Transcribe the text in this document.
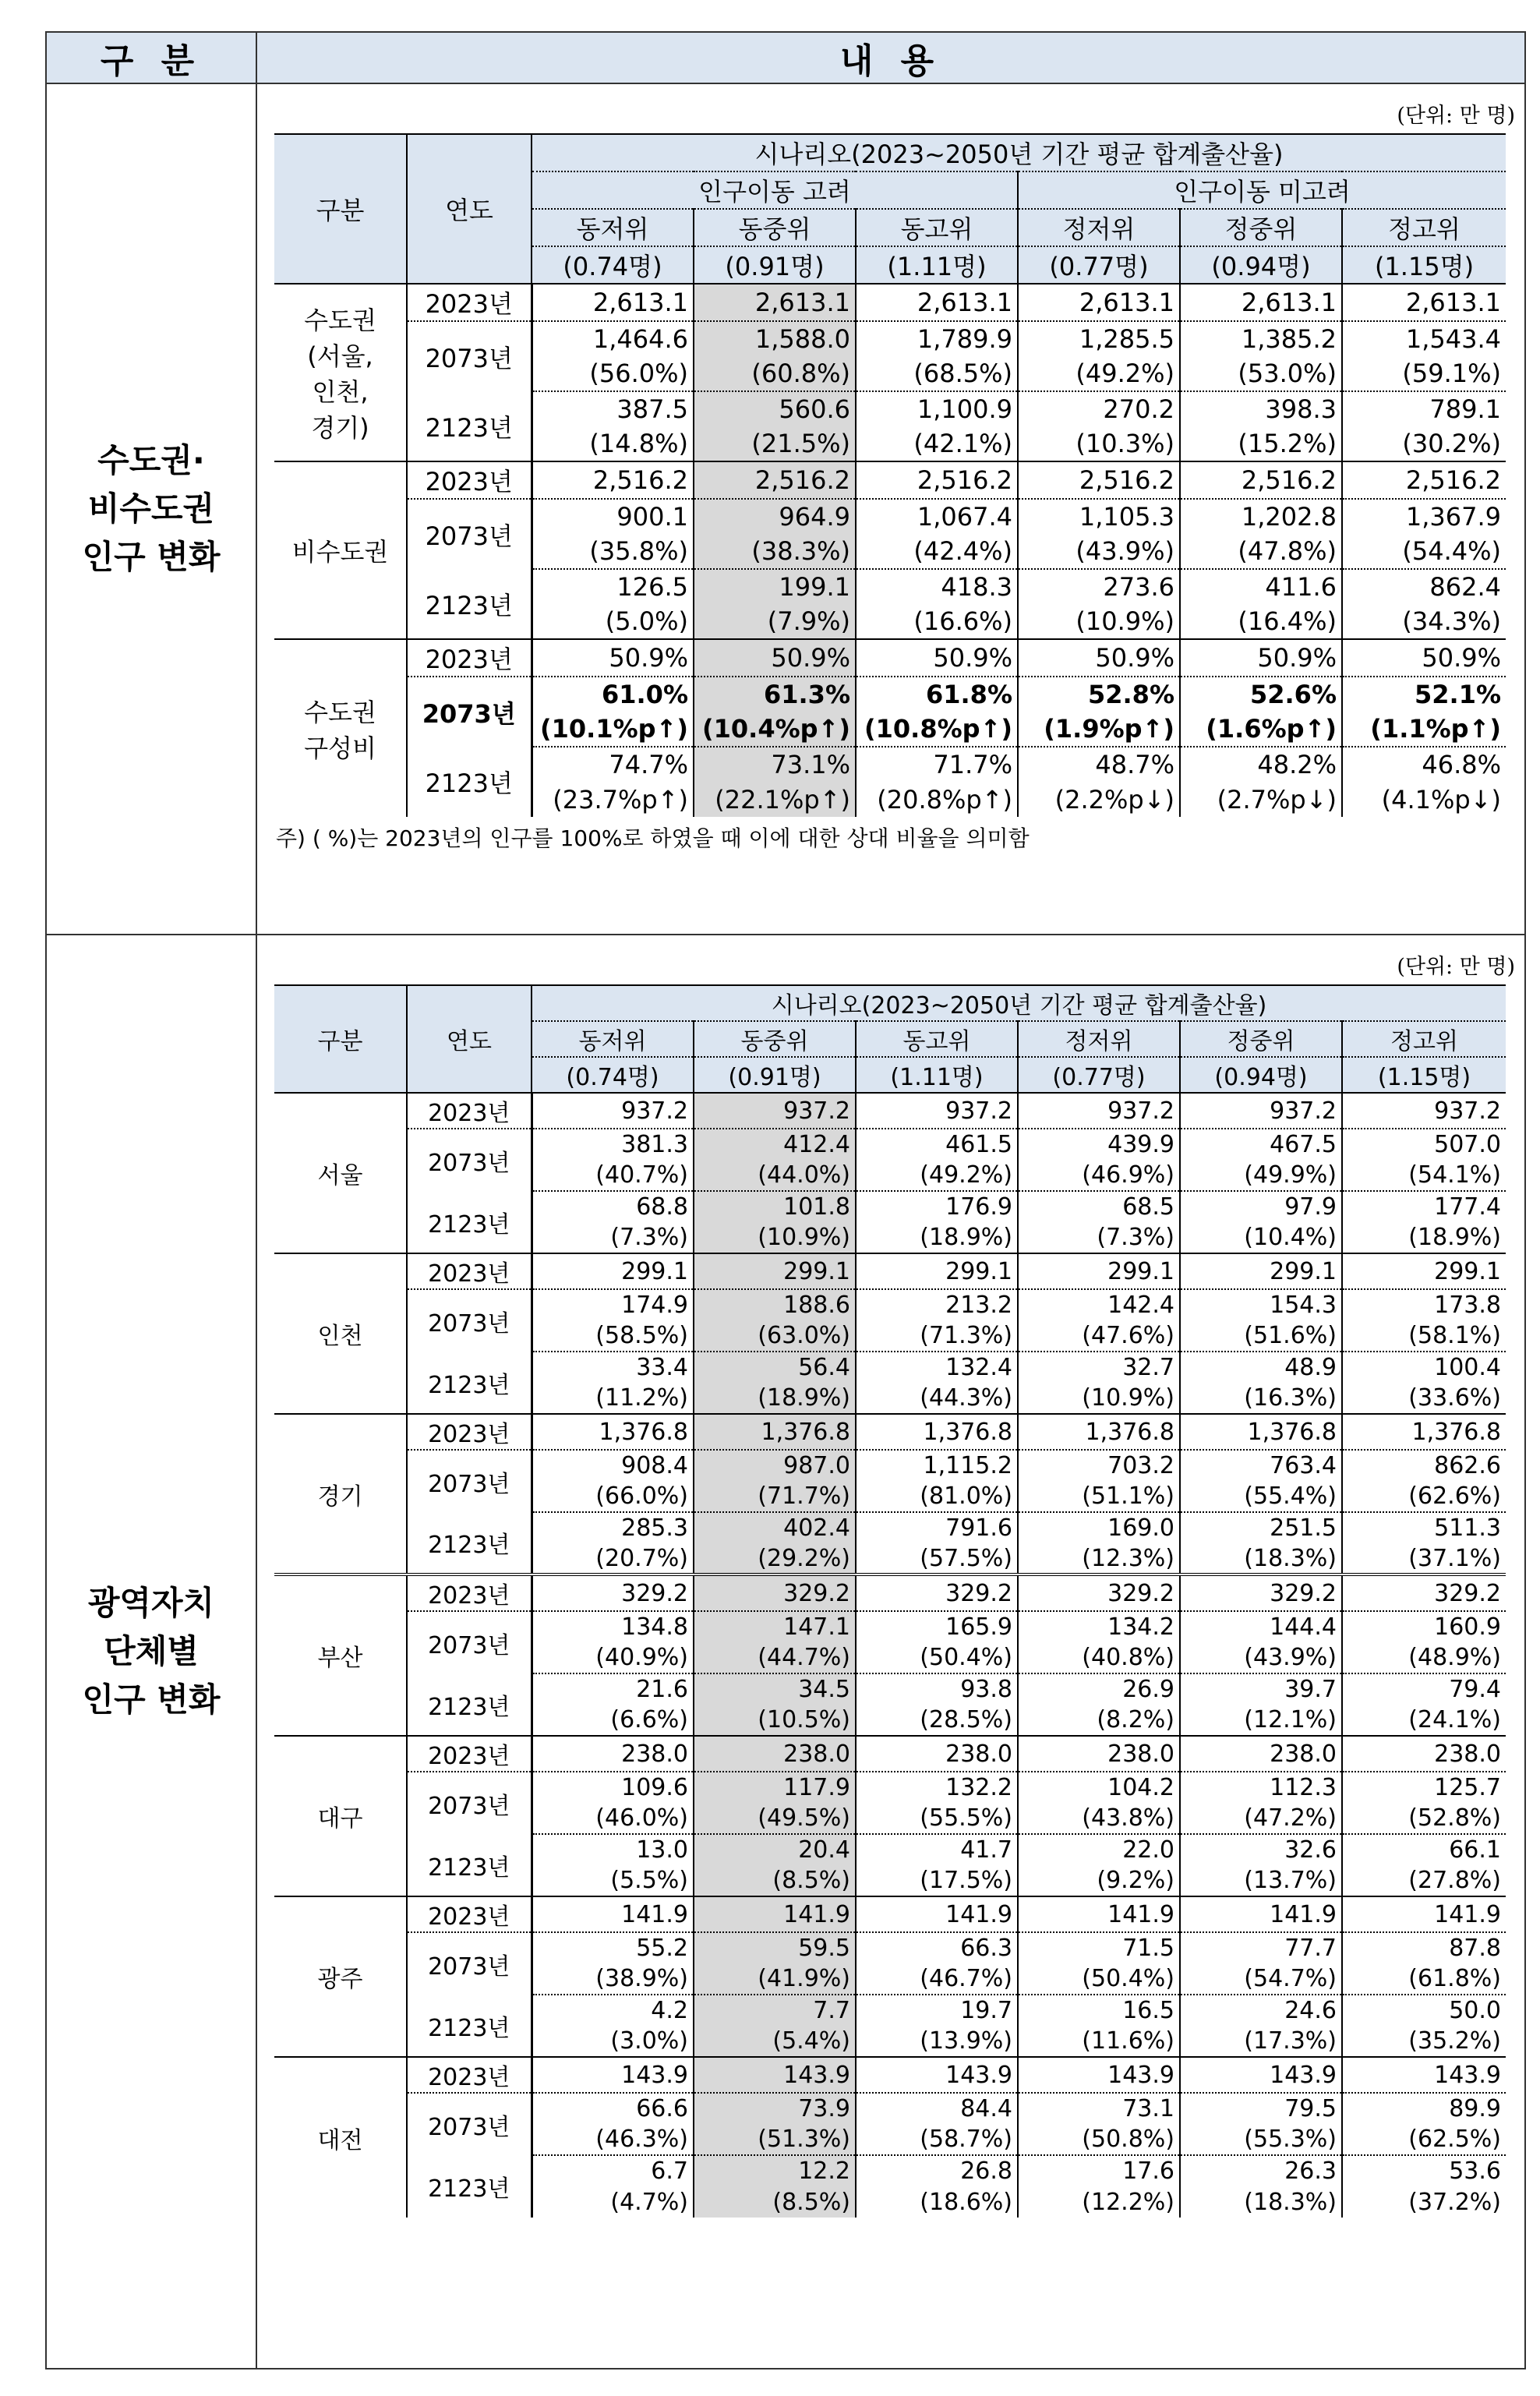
구 분	내 용

수도권·
비수도권
인구 변화

(단위: 만 명)
구분	연도	시나리오(2023~2050년 기간 평균 합계출산율)
인구이동 고려	인구이동 미고려
동저위	동중위	동고위	정저위	정중위	정고위
(0.74명)	(0.91명)	(1.11명)	(0.77명)	(0.94명)	(1.15명)

수도권
(서울,
인천,
경기)
	2023년	2,613.1	2,613.1	2,613.1	2,613.1	2,613.1	2,613.1
2073년	1,464.6	1,588.0	1,789.9	1,285.5	1,385.2	1,543.4
(56.0%)	(60.8%)	(68.5%)	(49.2%)	(53.0%)	(59.1%)
2123년	387.5	560.6	1,100.9	270.2	398.3	789.1
(14.8%)	(21.5%)	(42.1%)	(10.3%)	(15.2%)	(30.2%)

비수도권
	2023년	2,516.2	2,516.2	2,516.2	2,516.2	2,516.2	2,516.2
2073년	900.1	964.9	1,067.4	1,105.3	1,202.8	1,367.9
(35.8%)	(38.3%)	(42.4%)	(43.9%)	(47.8%)	(54.4%)
2123년	126.5	199.1	418.3	273.6	411.6	862.4
(5.0%)	(7.9%)	(16.6%)	(10.9%)	(16.4%)	(34.3%)

수도권
구성비
	2023년	50.9%	50.9%	50.9%	50.9%	50.9%	50.9%
2073년	61.0%	61.3%	61.8%	52.8%	52.6%	52.1%
(10.1%p↑)	(10.4%p↑)	(10.8%p↑)	(1.9%p↑)	(1.6%p↑)	(1.1%p↑)
2123년	74.7%	73.1%	71.7%	48.7%	48.2%	46.8%
(23.7%p↑)	(22.1%p↑)	(20.8%p↑)	(2.2%p↓)	(2.7%p↓)	(4.1%p↓)
주) ( %)는 2023년의 인구를 100%로 하였을 때 이에 대한 상대 비율을 의미함

광역자치
단체별
인구 변화

(단위: 만 명)
구분	연도	시나리오(2023~2050년 기간 평균 합계출산율)
동저위	동중위	동고위	정저위	정중위	정고위
(0.74명)	(0.91명)	(1.11명)	(0.77명)	(0.94명)	(1.15명)

서울
	2023년	937.2	937.2	937.2	937.2	937.2	937.2
2073년	381.3	412.4	461.5	439.9	467.5	507.0
(40.7%)	(44.0%)	(49.2%)	(46.9%)	(49.9%)	(54.1%)
2123년	68.8	101.8	176.9	68.5	97.9	177.4
(7.3%)	(10.9%)	(18.9%)	(7.3%)	(10.4%)	(18.9%)

인천
	2023년	299.1	299.1	299.1	299.1	299.1	299.1
2073년	174.9	188.6	213.2	142.4	154.3	173.8
(58.5%)	(63.0%)	(71.3%)	(47.6%)	(51.6%)	(58.1%)
2123년	33.4	56.4	132.4	32.7	48.9	100.4
(11.2%)	(18.9%)	(44.3%)	(10.9%)	(16.3%)	(33.6%)

경기
	2023년	1,376.8	1,376.8	1,376.8	1,376.8	1,376.8	1,376.8
2073년	908.4	987.0	1,115.2	703.2	763.4	862.6
(66.0%)	(71.7%)	(81.0%)	(51.1%)	(55.4%)	(62.6%)
2123년	285.3	402.4	791.6	169.0	251.5	511.3
(20.7%)	(29.2%)	(57.5%)	(12.3%)	(18.3%)	(37.1%)

부산
	2023년	329.2	329.2	329.2	329.2	329.2	329.2
2073년	134.8	147.1	165.9	134.2	144.4	160.9
(40.9%)	(44.7%)	(50.4%)	(40.8%)	(43.9%)	(48.9%)
2123년	21.6	34.5	93.8	26.9	39.7	79.4
(6.6%)	(10.5%)	(28.5%)	(8.2%)	(12.1%)	(24.1%)

대구
	2023년	238.0	238.0	238.0	238.0	238.0	238.0
2073년	109.6	117.9	132.2	104.2	112.3	125.7
(46.0%)	(49.5%)	(55.5%)	(43.8%)	(47.2%)	(52.8%)
2123년	13.0	20.4	41.7	22.0	32.6	66.1
(5.5%)	(8.5%)	(17.5%)	(9.2%)	(13.7%)	(27.8%)

광주
	2023년	141.9	141.9	141.9	141.9	141.9	141.9
2073년	55.2	59.5	66.3	71.5	77.7	87.8
(38.9%)	(41.9%)	(46.7%)	(50.4%)	(54.7%)	(61.8%)
2123년	4.2	7.7	19.7	16.5	24.6	50.0
(3.0%)	(5.4%)	(13.9%)	(11.6%)	(17.3%)	(35.2%)

대전
	2023년	143.9	143.9	143.9	143.9	143.9	143.9
2073년	66.6	73.9	84.4	73.1	79.5	89.9
(46.3%)	(51.3%)	(58.7%)	(50.8%)	(55.3%)	(62.5%)
2123년	6.7	12.2	26.8	17.6	26.3	53.6
(4.7%)	(8.5%)	(18.6%)	(12.2%)	(18.3%)	(37.2%)
